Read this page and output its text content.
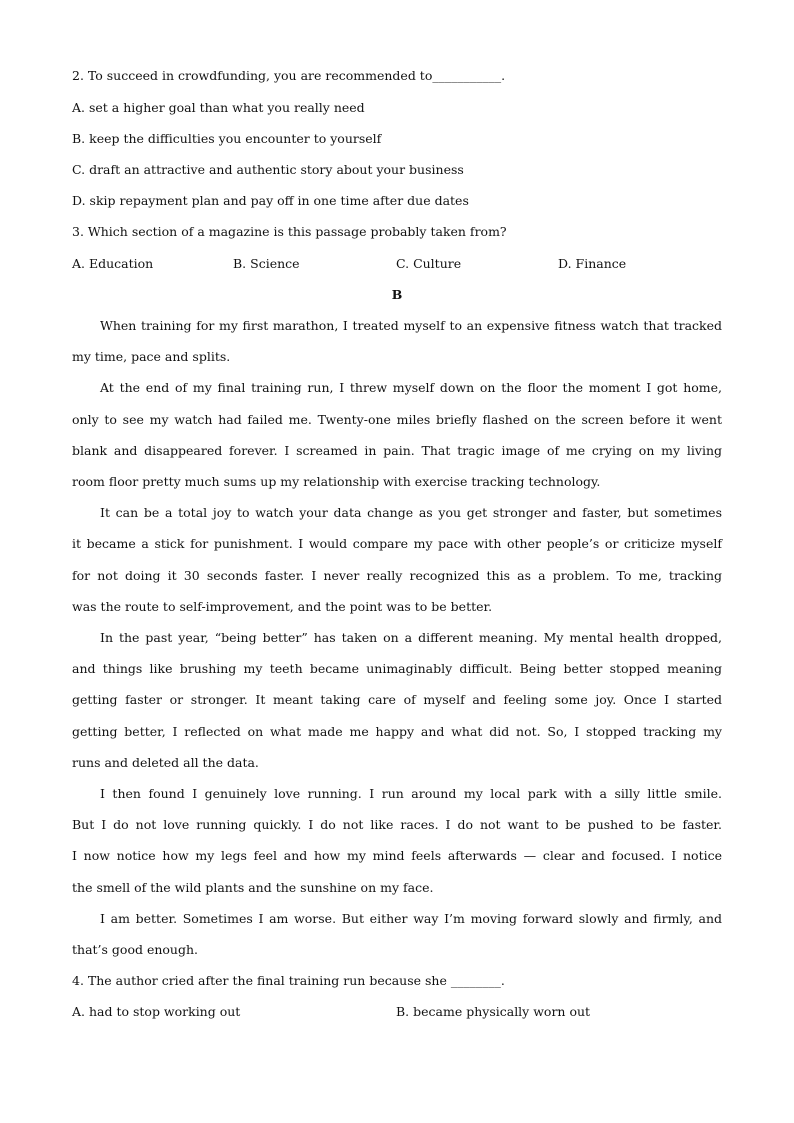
2. To succeed in crowdfunding, you are recommended to___________.
A. set a higher goal than what you really need
B. keep the difficulties you encounter to yourself
C. draft an attractive and authentic story about your business
D. skip repayment plan and pay off in one time after due dates
3. Which section of a magazine is this passage probably taken from?
A. Education	B. Science	C. Culture	D. Finance
B
When training for my first marathon, I treated myself to an expensive fitness watch that tracked
my time, pace and splits.
At the end of my final training run, I threw myself down on the floor the moment I got home,
only to see my watch had failed me. Twenty-one miles briefly flashed on the screen before it went
blank and disappeared forever. I screamed in pain. That tragic image of me crying on my living
room floor pretty much sums up my relationship with exercise tracking technology.
It can be a total joy to watch your data change as you get stronger and faster, but sometimes
it became a stick for punishment. I would compare my pace with other people’s or criticize myself
for not doing it 30 seconds faster. I never really recognized this as a problem. To me, tracking
was the route to self-improvement, and the point was to be better.
In the past year, “being better” has taken on a different meaning. My mental health dropped,
and things like brushing my teeth became unimaginably difficult. Being better stopped meaning
getting faster or stronger. It meant taking care of myself and feeling some joy. Once I started
getting better, I reflected on what made me happy and what did not. So, I stopped tracking my
runs and deleted all the data.
I then found I genuinely love running. I run around my local park with a silly little smile.
But I do not love running quickly. I do not like races. I do not want to be pushed to be faster.
I now notice how my legs feel and how my mind feels afterwards — clear and focused. I notice
the smell of the wild plants and the sunshine on my face.
I am better. Sometimes I am worse. But either way I’m moving forward slowly and firmly, and
that’s good enough.
4. The author cried after the final training run because she ________.
A. had to stop working out	B. became physically worn out
